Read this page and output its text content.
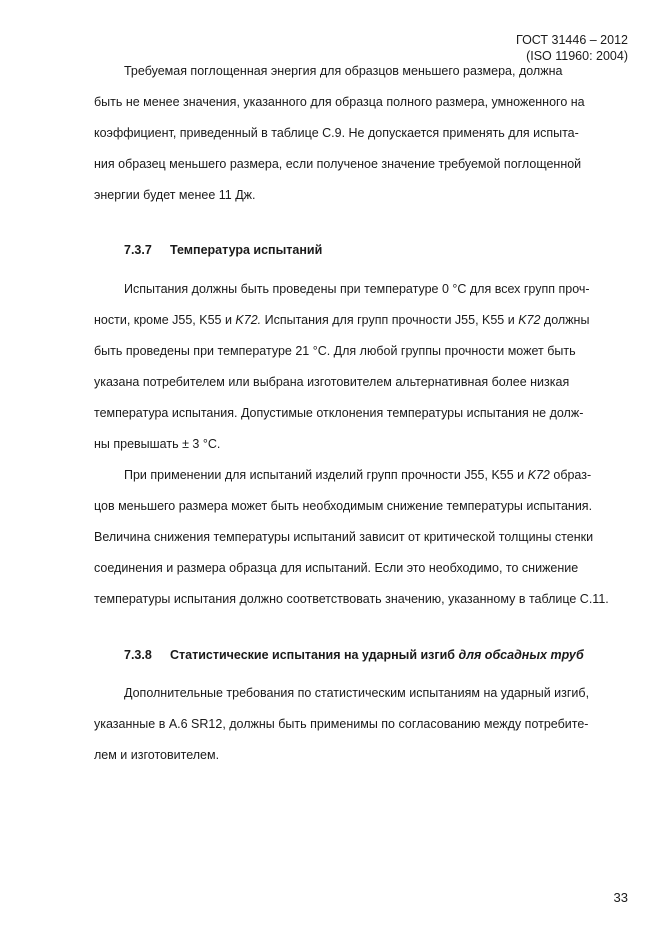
ГОСТ 31446 – 2012

(ISO 11960: 2004)

Требуемая поглощенная энергия для образцов меньшего размера, должна

быть не менее значения, указанного для образца полного размера, умноженного на

коэффициент, приведенный в таблице С.9. Не допускается применять для испыта-

ния образец меньшего размера, если полученое значение требуемой поглощенной

энергии будет менее 11 Дж.

7.3.7 Температура испытаний

Испытания должны быть проведены при температуре 0 °С для всех групп проч-

ности, кроме J55, K55 и K72. Испытания для групп прочности J55, K55 и K72 должны

быть проведены при температуре 21 °С. Для любой группы прочности может быть

указана потребителем или выбрана изготовителем альтернативная более низкая

температура испытания. Допустимые отклонения температуры испытания не долж-

ны превышать ± 3 °С.

При применении для испытаний изделий групп прочности J55, K55 и K72 образ-

цов меньшего размера может быть необходимым снижение температуры испытания.

Величина снижения температуры испытаний зависит от критической толщины стенки

соединения и размера образца для испытаний. Если это необходимо, то снижение

температуры испытания должно соответствовать значению, указанному в таблице С.11.

7.3.8 Статистические испытания на ударный изгиб для обсадных труб

Дополнительные требования по статистическим испытаниям на ударный изгиб,

указанные в А.6 SR12, должны быть применимы по согласованию между потребите-

лем и изготовителем.

33
